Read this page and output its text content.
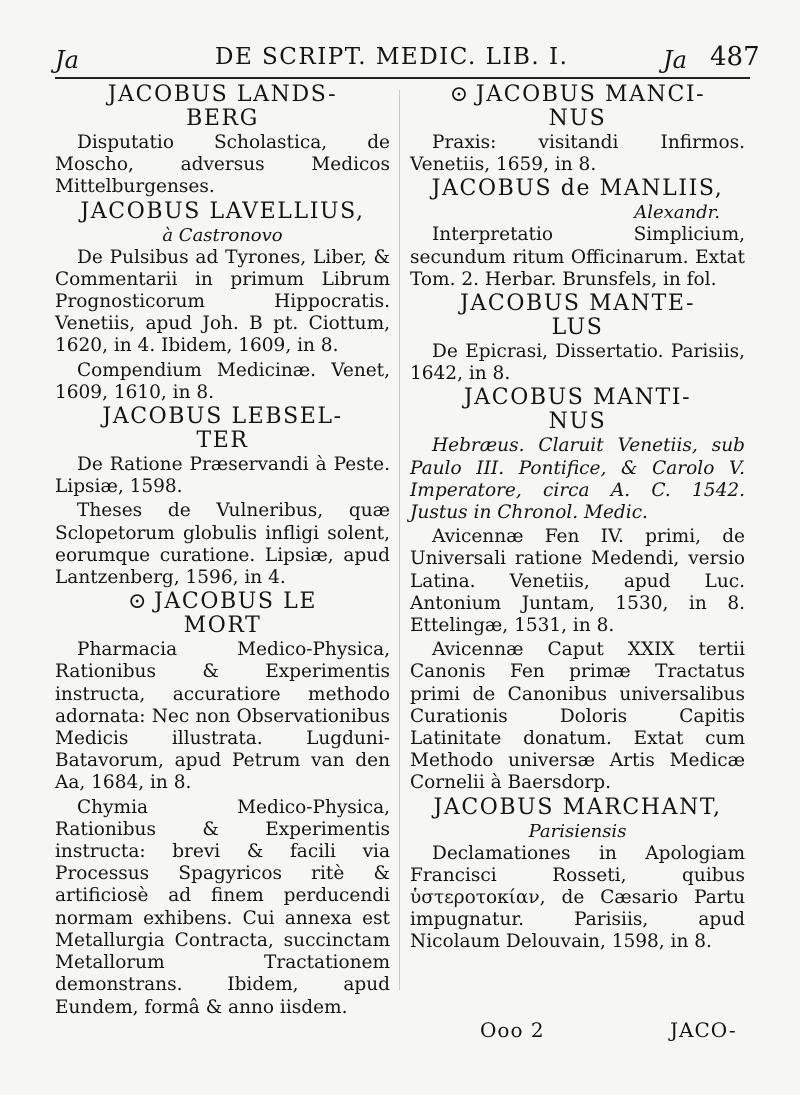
Ja	DE SCRIPT. MEDIC. LIB. I.	Ja 487
JACOBUS LANDS-
BERG

Disputatio Scholastica, de Moscho, adversus Medicos Mittelburgenses.

JACOBUS LAVELLIUS,
à Castronovo

De Pulsibus ad Tyrones, Liber, & Commentarii in primum Librum Prognosticorum Hippocratis. Venetiis, apud Joh. B pt. Ciottum, 1620, in 4. Ibidem, 1609, in 8.

Compendium Medicinæ. Venet, 1609, 1610, in 8.

JACOBUS LEBSEL-
TER

De Ratione Præservandi à Peste. Lipsiæ, 1598.

Theses de Vulneribus, quæ Sclopetorum globulis infligi solent, eorumque curatione. Lipsiæ, apud Lantzenberg, 1596, in 4.

⊙ JACOBUS LE
MORT

Pharmacia Medico-Physica, Rationibus & Experimentis instructa, accuratiore methodo adornata: Nec non Observationibus Medicis illustrata. Lugduni-Batavorum, apud Petrum van den Aa, 1684, in 8.

Chymia Medico-Physica, Rationibus & Experimentis instructa: brevi & facili via Processus Spagyricos ritè & artificiosè ad finem perducendi normam exhibens. Cui annexa est Metallurgia Contracta, succinctam Metallorum Tractationem demonstrans. Ibidem, apud Eundem, formâ & anno iisdem.

⊙ JACOBUS MANCI-
NUS

Praxis: visitandi Infirmos. Venetiis, 1659, in 8.

JACOBUS de MANLIIS,
Alexandr.

Interpretatio Simplicium, secundum ritum Officinarum. Extat Tom. 2. Herbar. Brunsfels, in fol.

JACOBUS MANTE-
LUS

De Epicrasi, Dissertatio. Parisiis, 1642, in 8.

JACOBUS MANTI-
NUS

Hebræus. Claruit Venetiis, sub Paulo III. Pontifice, & Carolo V. Imperatore, circa A. C. 1542. Justus in Chronol. Medic.

Avicennæ Fen IV. primi, de Universali ratione Medendi, versio Latina. Venetiis, apud Luc. Antonium Juntam, 1530, in 8. Ettelingæ, 1531, in 8.

Avicennæ Caput XXIX tertii Canonis Fen primæ Tractatus primi de Canonibus universalibus Curationis Doloris Capitis Latinitate donatum. Extat cum Methodo universæ Artis Medicæ Cornelii à Baersdorp.

JACOBUS MARCHANT,
Parisiensis

Declamationes in Apologiam Francisci Rosseti, quibus ὑστεροτοκίαν, de Cæsario Partu impugnatur. Parisiis, apud Nicolaum Delouvain, 1598, in 8.

Ooo 2	JACO-
